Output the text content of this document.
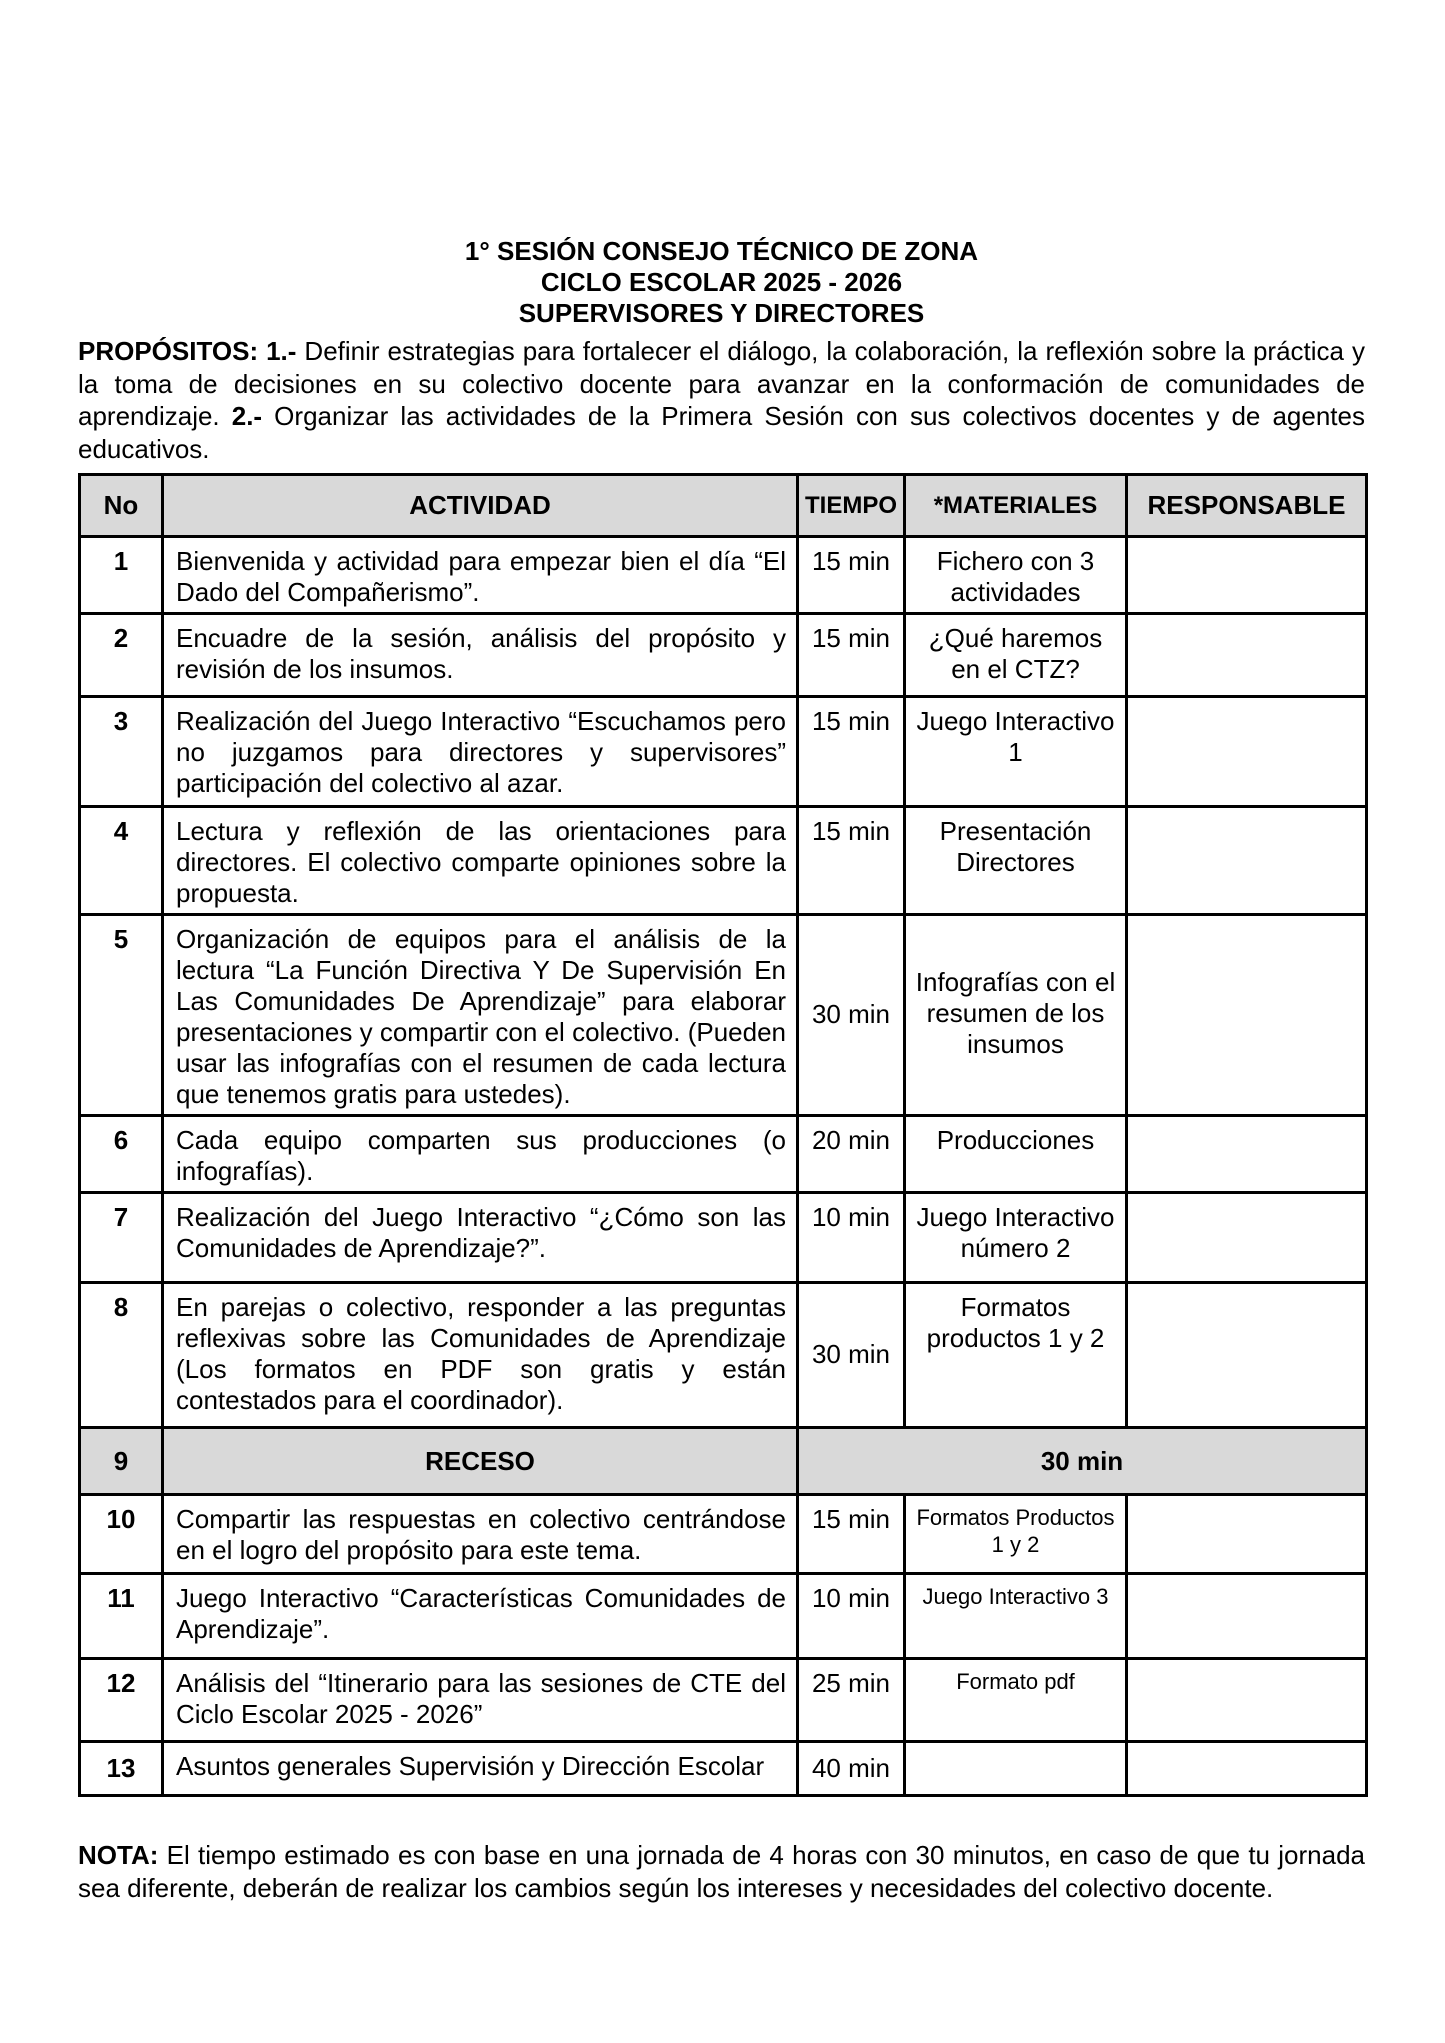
1° SESIÓN CONSEJO TÉCNICO DE ZONA
CICLO ESCOLAR 2025 - 2026
SUPERVISORES Y DIRECTORES

PROPÓSITOS: 1.- Definir estrategias para fortalecer el diálogo, la colaboración, la reflexión sobre la práctica y la toma de decisiones en su colectivo docente para avanzar en la conformación de comunidades de aprendizaje. 2.- Organizar las actividades de la Primera Sesión con sus colectivos docentes y de agentes educativos.

No	ACTIVIDAD	TIEMPO	*MATERIALES	RESPONSABLE
1	Bienvenida y actividad para empezar bien el día “El Dado del Compañerismo”.	15 min	Fichero con 3 actividades	
2	Encuadre de la sesión, análisis del propósito y revisión de los insumos.	15 min	¿Qué haremos en el CTZ?	
3	Realización del Juego Interactivo “Escuchamos pero no juzgamos para directores y supervisores” participación del colectivo al azar.	15 min	Juego Interactivo 1	
4	Lectura y reflexión de las orientaciones para directores. El colectivo comparte opiniones sobre la propuesta.	15 min	Presentación Directores	
5	Organización de equipos para el análisis de la lectura “La Función Directiva Y De Supervisión En Las Comunidades De Aprendizaje” para elaborar presentaciones y compartir con el colectivo. (Pueden usar las infografías con el resumen de cada lectura que tenemos gratis para ustedes).	30 min	Infografías con el resumen de los insumos	
6	Cada equipo comparten sus producciones (o infografías).	20 min	Producciones	
7	Realización del Juego Interactivo “¿Cómo son las Comunidades de Aprendizaje?”.	10 min	Juego Interactivo número 2	
8	En parejas o colectivo, responder a las preguntas reflexivas sobre las Comunidades de Aprendizaje (Los formatos en PDF son gratis y están contestados para el coordinador).	30 min	Formatos productos 1 y 2	
9	RECESO	30 min		
10	Compartir las respuestas en colectivo centrándose en el logro del propósito para este tema.	15 min	Formatos Productos 1 y 2	
11	Juego Interactivo “Características Comunidades de Aprendizaje”.	10 min	Juego Interactivo 3	
12	Análisis del “Itinerario para las sesiones de CTE del Ciclo Escolar 2025 - 2026”	25 min	Formato pdf	
13	Asuntos generales Supervisión y Dirección Escolar	40 min		

NOTA: El tiempo estimado es con base en una jornada de 4 horas con 30 minutos, en caso de que tu jornada sea diferente, deberán de realizar los cambios según los intereses y necesidades del colectivo docente.
